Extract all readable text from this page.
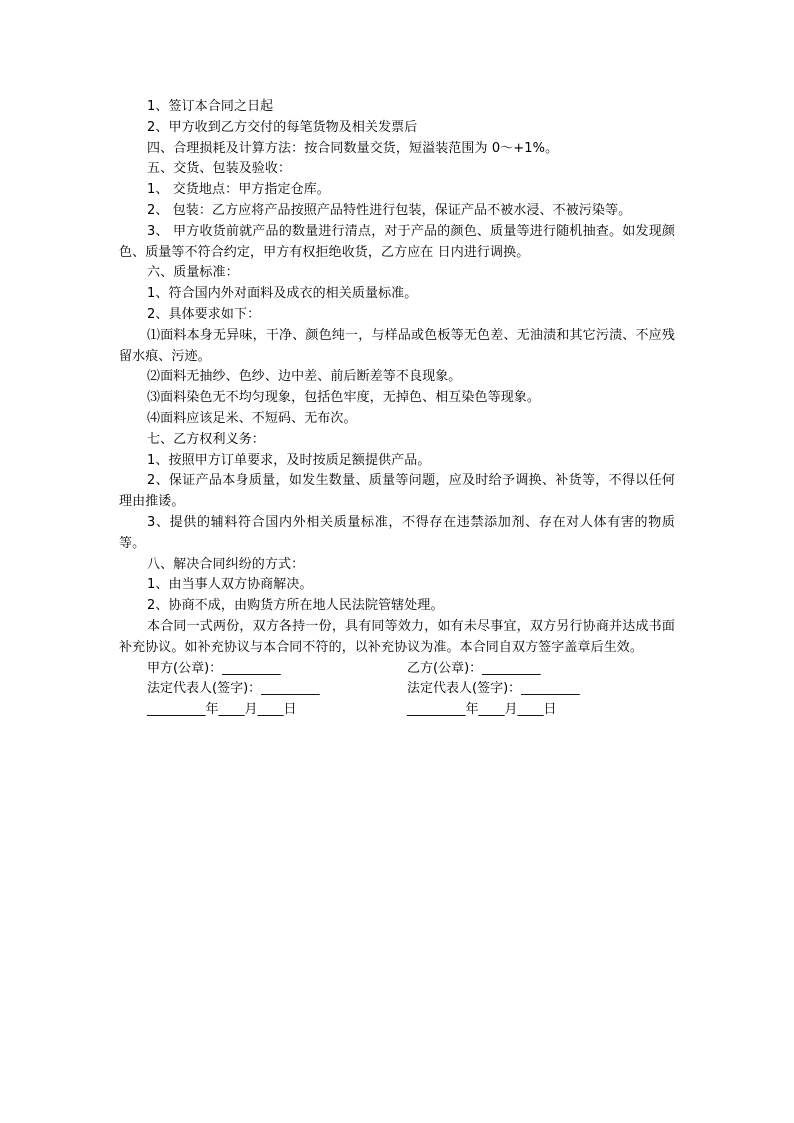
1、签订本合同之日起

2、甲方收到乙方交付的每笔货物及相关发票后

四、合理损耗及计算方法：按合同数量交货，短溢装范围为 0～+1%。

五、交货、包装及验收：

1、 交货地点：甲方指定仓库。

2、 包装：乙方应将产品按照产品特性进行包装，保证产品不被水浸、不被污染等。

3、 甲方收货前就产品的数量进行清点，对于产品的颜色、质量等进行随机抽查。如发现颜色、质量等不符合约定，甲方有权拒绝收货，乙方应在 日内进行调换。

六、质量标准：

1、符合国内外对面料及成衣的相关质量标准。

2、具体要求如下：

⑴面料本身无异味，干净、颜色纯一，与样品或色板等无色差、无油渍和其它污渍、不应残留水痕、污迹。

⑵面料无抽纱、色纱、边中差、前后断差等不良现象。

⑶面料染色无不均匀现象，包括色牢度，无掉色、相互染色等现象。

⑷面料应该足米、不短码、无布次。

七、乙方权利义务：

1、按照甲方订单要求，及时按质足额提供产品。

2、保证产品本身质量，如发生数量、质量等问题，应及时给予调换、补货等，不得以任何理由推诿。

3、提供的辅料符合国内外相关质量标准，不得存在违禁添加剂、存在对人体有害的物质等。

八、解决合同纠纷的方式：

1、由当事人双方协商解决。

2、协商不成，由购货方所在地人民法院管辖处理。

本合同一式两份，双方各持一份，具有同等效力，如有未尽事宜，双方另行协商并达成书面补充协议。如补充协议与本合同不符的，以补充协议为准。本合同自双方签字盖章后生效。

甲方(公章)：_________	乙方(公章)：_________
法定代表人(签字)：_________	法定代表人(签字)：_________
_________年____月____日	_________年____月____日
